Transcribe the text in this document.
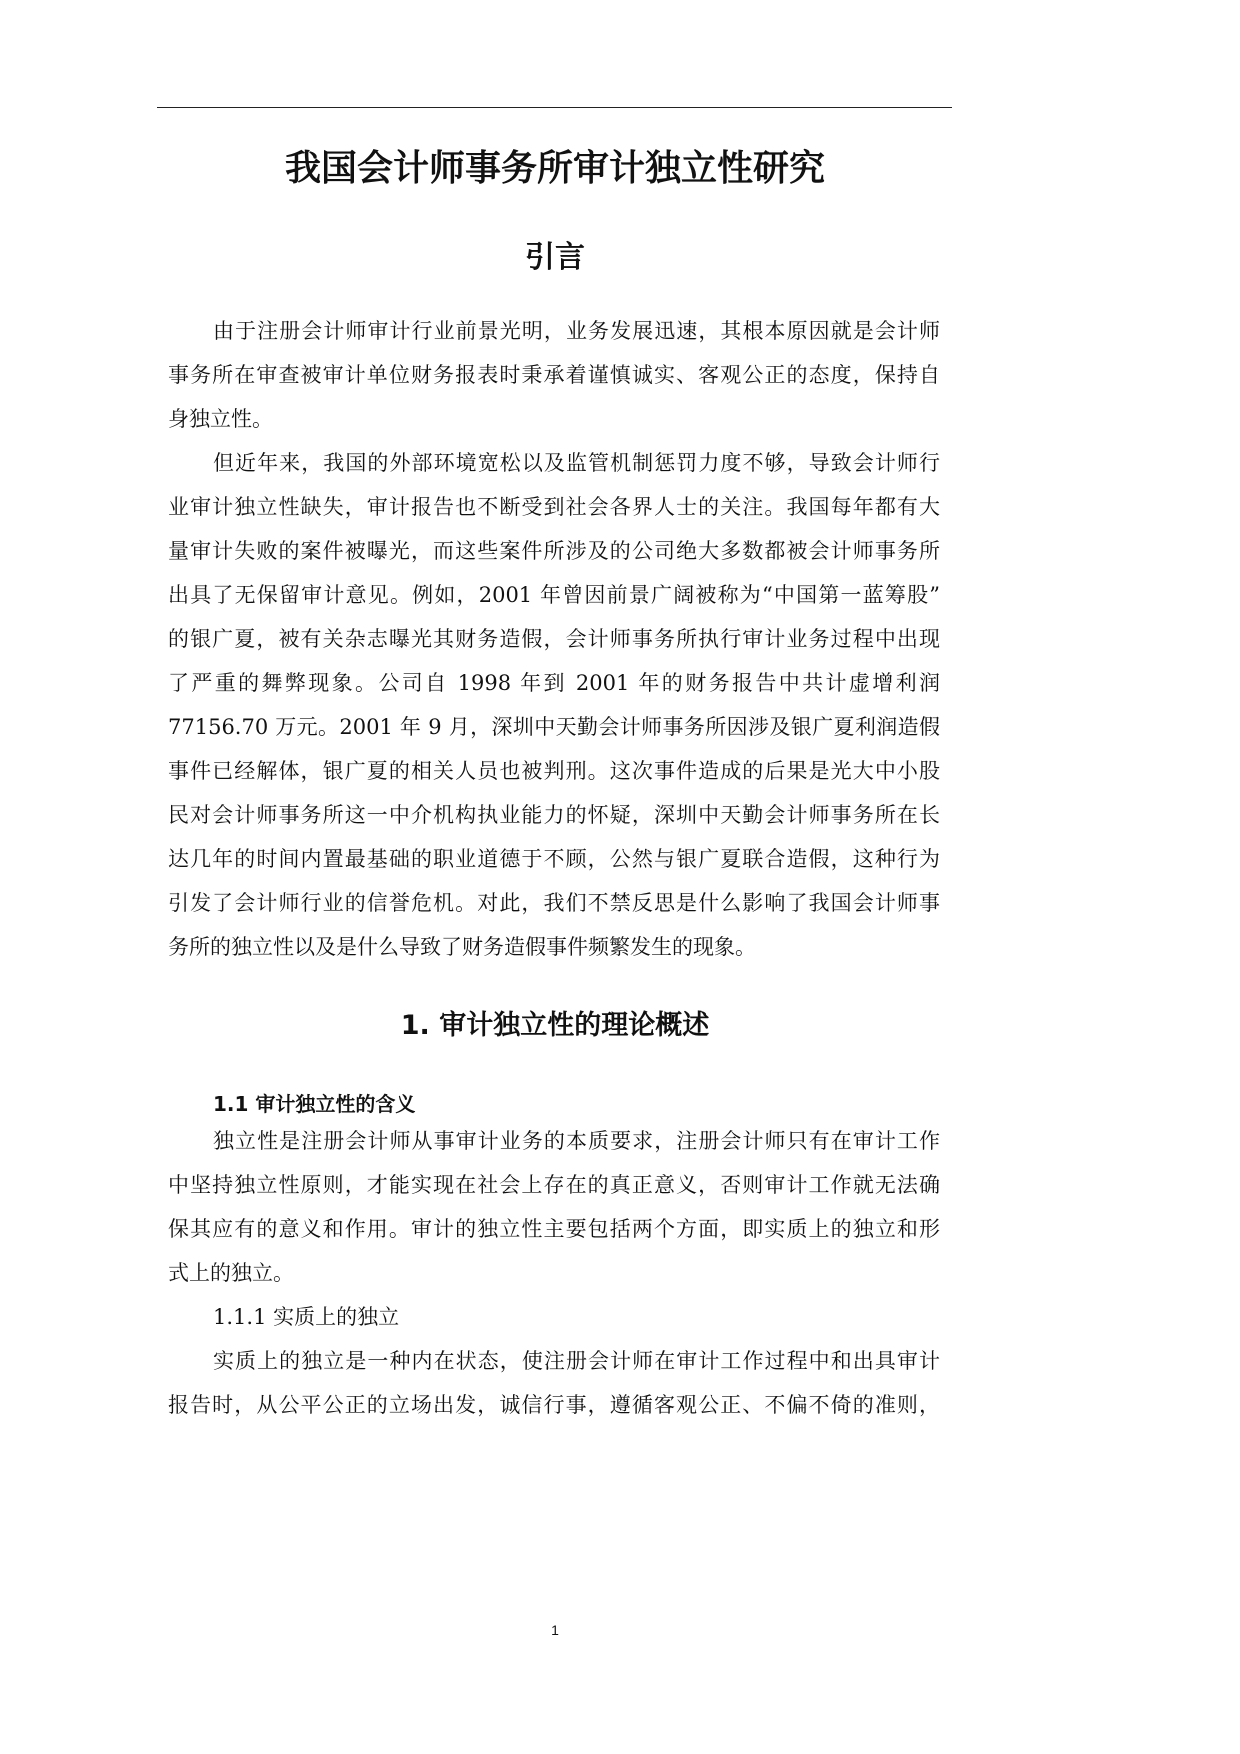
我国会计师事务所审计独立性研究
引言
由于注册会计师审计行业前景光明，业务发展迅速，其根本原因就是会计师
事务所在审查被审计单位财务报表时秉承着谨慎诚实、客观公正的态度，保持自
身独立性。
但近年来，我国的外部环境宽松以及监管机制惩罚力度不够，导致会计师行
业审计独立性缺失，审计报告也不断受到社会各界人士的关注。我国每年都有大
量审计失败的案件被曝光，而这些案件所涉及的公司绝大多数都被会计师事务所
出具了无保留审计意见。例如，2001 年曾因前景广阔被称为“中国第一蓝筹股”
的银广夏，被有关杂志曝光其财务造假，会计师事务所执行审计业务过程中出现
了严重的舞弊现象。公司自 1998 年到 2001 年的财务报告中共计虚增利润
77156.70 万元。2001 年 9 月，深圳中天勤会计师事务所因涉及银广夏利润造假
事件已经解体，银广夏的相关人员也被判刑。这次事件造成的后果是光大中小股
民对会计师事务所这一中介机构执业能力的怀疑，深圳中天勤会计师事务所在长
达几年的时间内置最基础的职业道德于不顾，公然与银广夏联合造假，这种行为
引发了会计师行业的信誉危机。对此，我们不禁反思是什么影响了我国会计师事
务所的独立性以及是什么导致了财务造假事件频繁发生的现象。
1. 审计独立性的理论概述
1.1 审计独立性的含义
独立性是注册会计师从事审计业务的本质要求，注册会计师只有在审计工作
中坚持独立性原则，才能实现在社会上存在的真正意义，否则审计工作就无法确
保其应有的意义和作用。审计的独立性主要包括两个方面，即实质上的独立和形
式上的独立。
1.1.1 实质上的独立
实质上的独立是一种内在状态，使注册会计师在审计工作过程中和出具审计
报告时，从公平公正的立场出发，诚信行事，遵循客观公正、不偏不倚的准则，
1
